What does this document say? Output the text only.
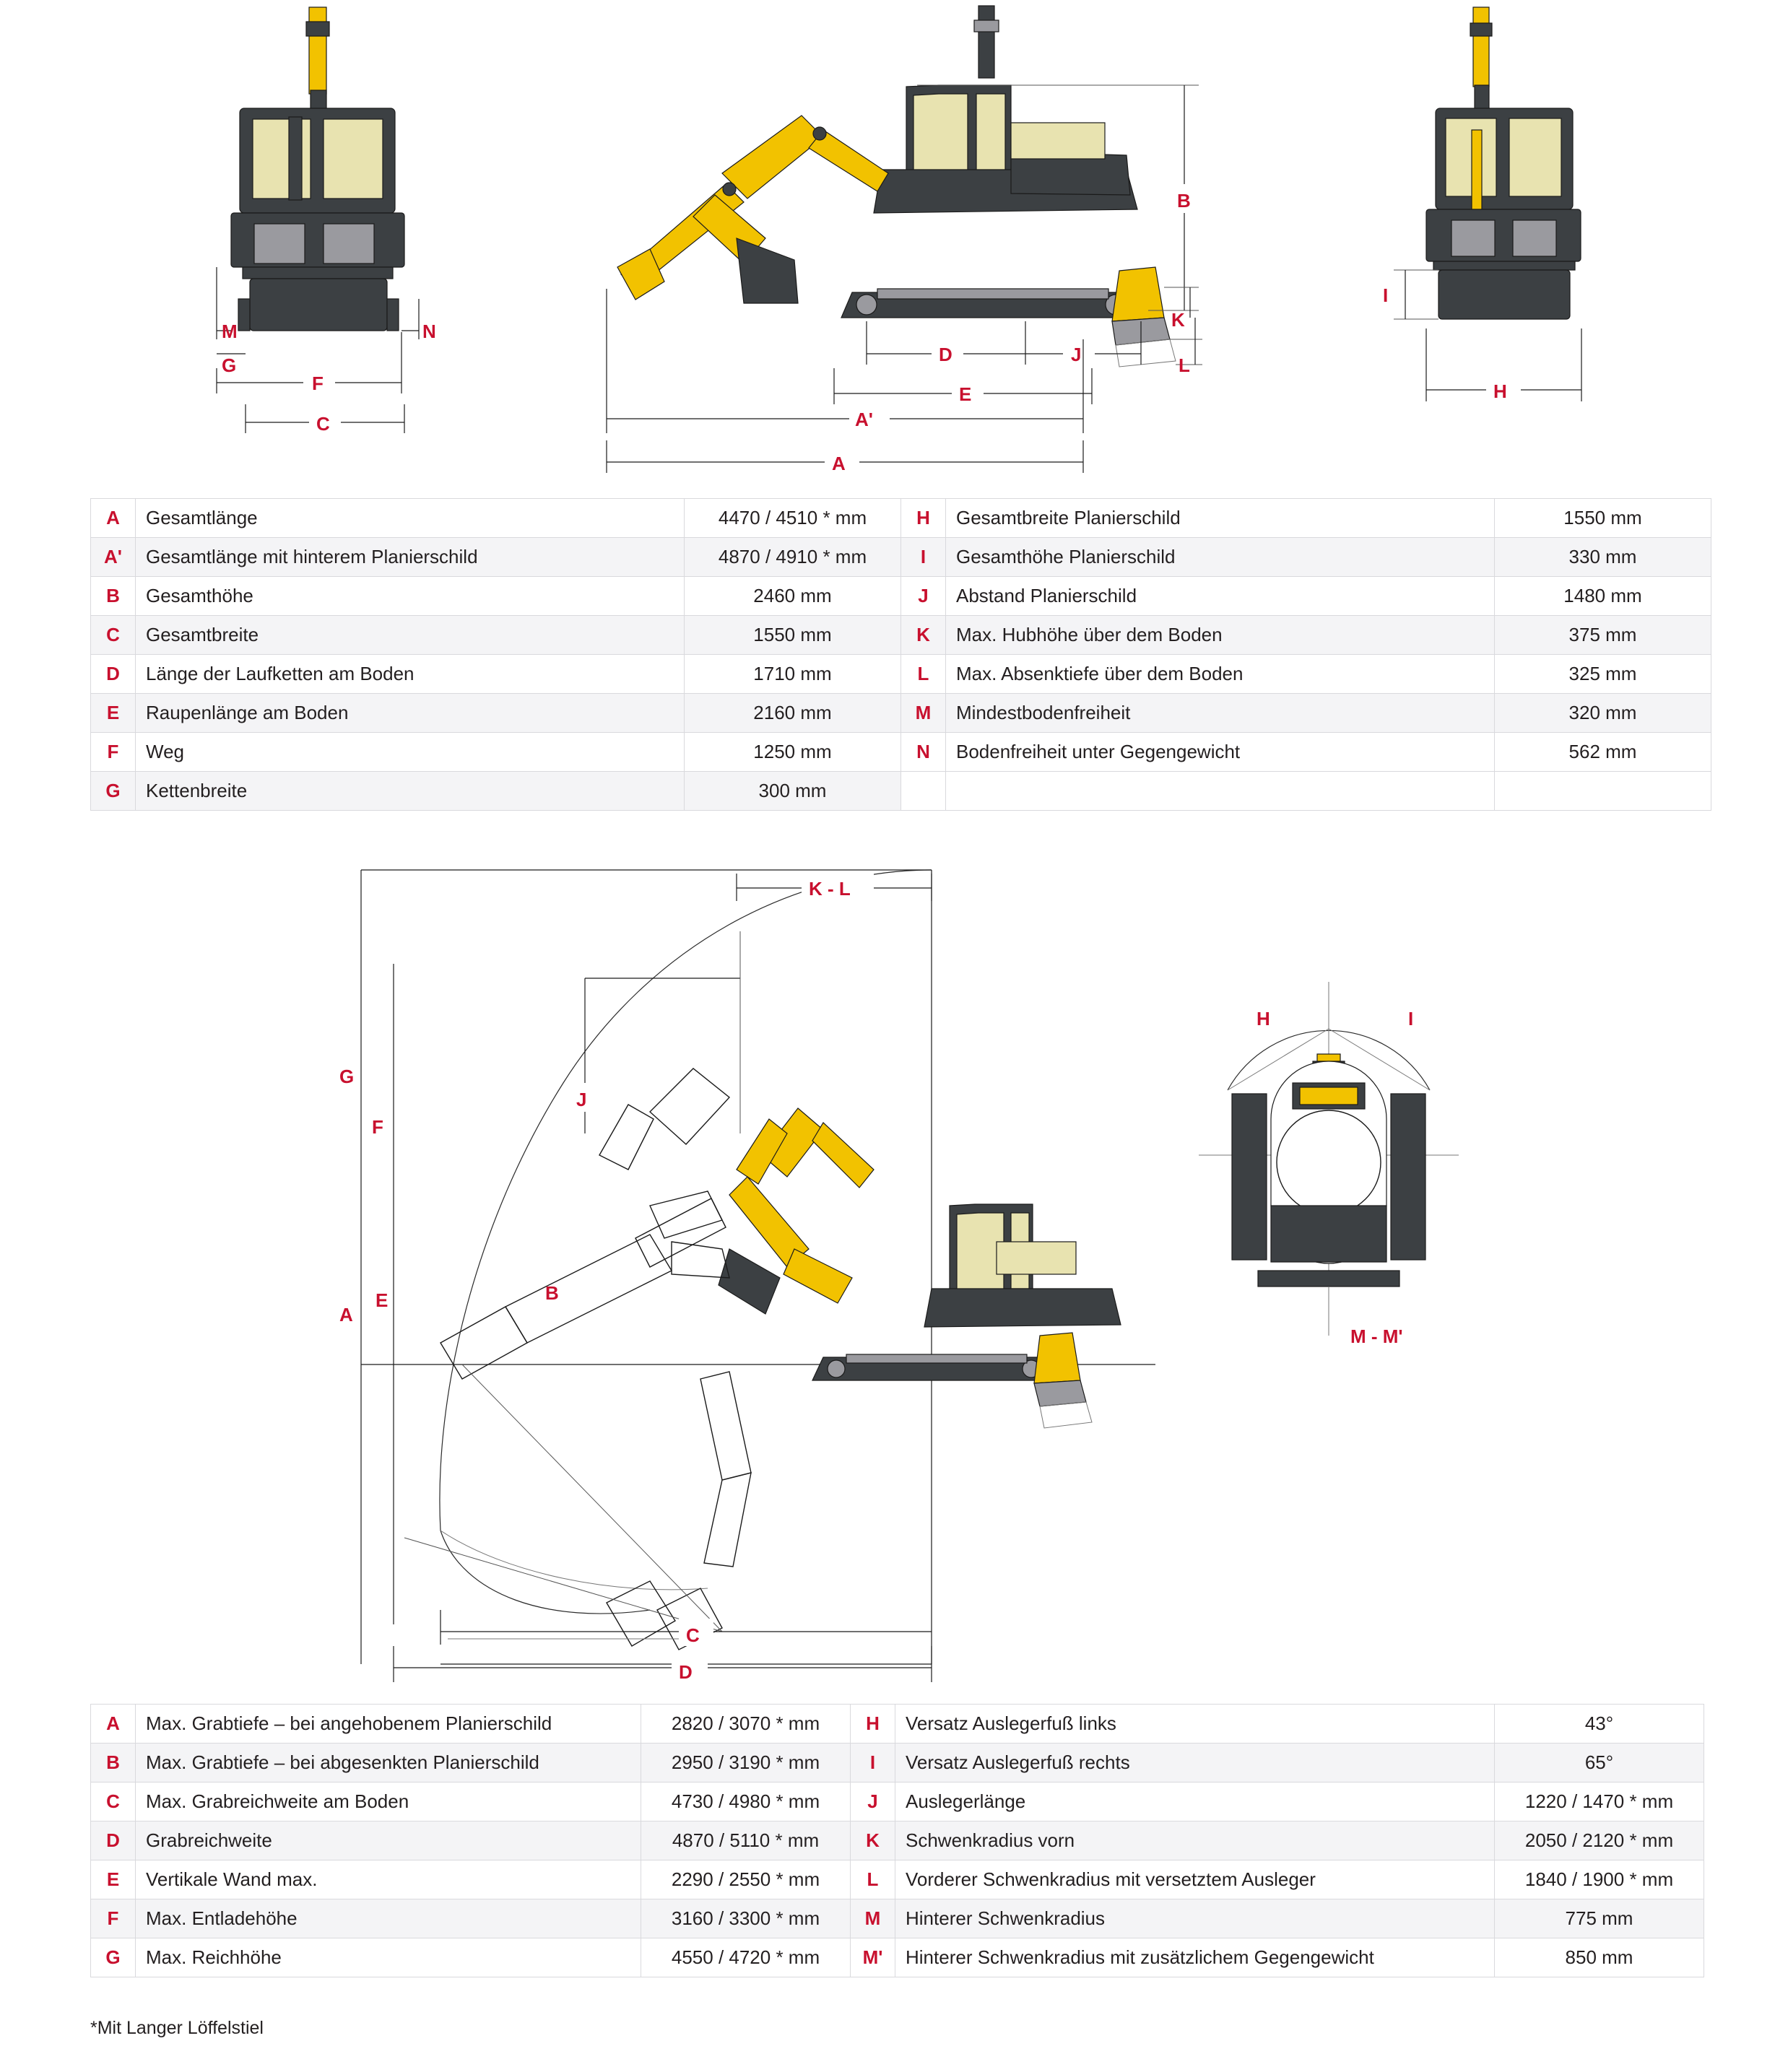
M	N
G
F
C
B
K
L
D	J
E
A'
A
I
H
A	Gesamtlänge	4470 / 4510 * mm	H	Gesamtbreite Planierschild	1550 mm
A'	Gesamtlänge mit hinterem Planierschild	4870 / 4910 * mm	I	Gesamthöhe Planierschild	330 mm
B	Gesamthöhe	2460 mm	J	Abstand Planierschild	1480 mm
C	Gesamtbreite	1550 mm	K	Max. Hubhöhe über dem Boden	375 mm
D	Länge der Laufketten am Boden	1710 mm	L	Max. Absenktiefe über dem Boden	325 mm
E	Raupenlänge am Boden	2160 mm	M	Mindestbodenfreiheit	320 mm
F	Weg	1250 mm	N	Bodenfreiheit unter Gegengewicht	562 mm
G	Kettenbreite	300 mm			
K - L
G
F
J
A
E	B
C
D
H	I
M - M'
A	Max. Grabtiefe – bei angehobenem Planierschild	2820 / 3070 * mm	H	Versatz Auslegerfuß links	43°
B	Max. Grabtiefe – bei abgesenkten Planierschild	2950 / 3190 * mm	I	Versatz Auslegerfuß rechts	65°
C	Max. Grabreichweite am Boden	4730 / 4980 * mm	J	Auslegerlänge	1220 / 1470 * mm
D	Grabreichweite	4870 / 5110 * mm	K	Schwenkradius vorn	2050 / 2120 * mm
E	Vertikale Wand max.	2290 / 2550 * mm	L	Vorderer Schwenkradius mit versetztem Ausleger	1840 / 1900 * mm
F	Max. Entladehöhe	3160 / 3300 * mm	M	Hinterer Schwenkradius	775 mm
G	Max. Reichhöhe	4550 / 4720 * mm	M'	Hinterer Schwenkradius mit zusätzlichem Gegengewicht	850 mm
*Mit Langer Löffelstiel
